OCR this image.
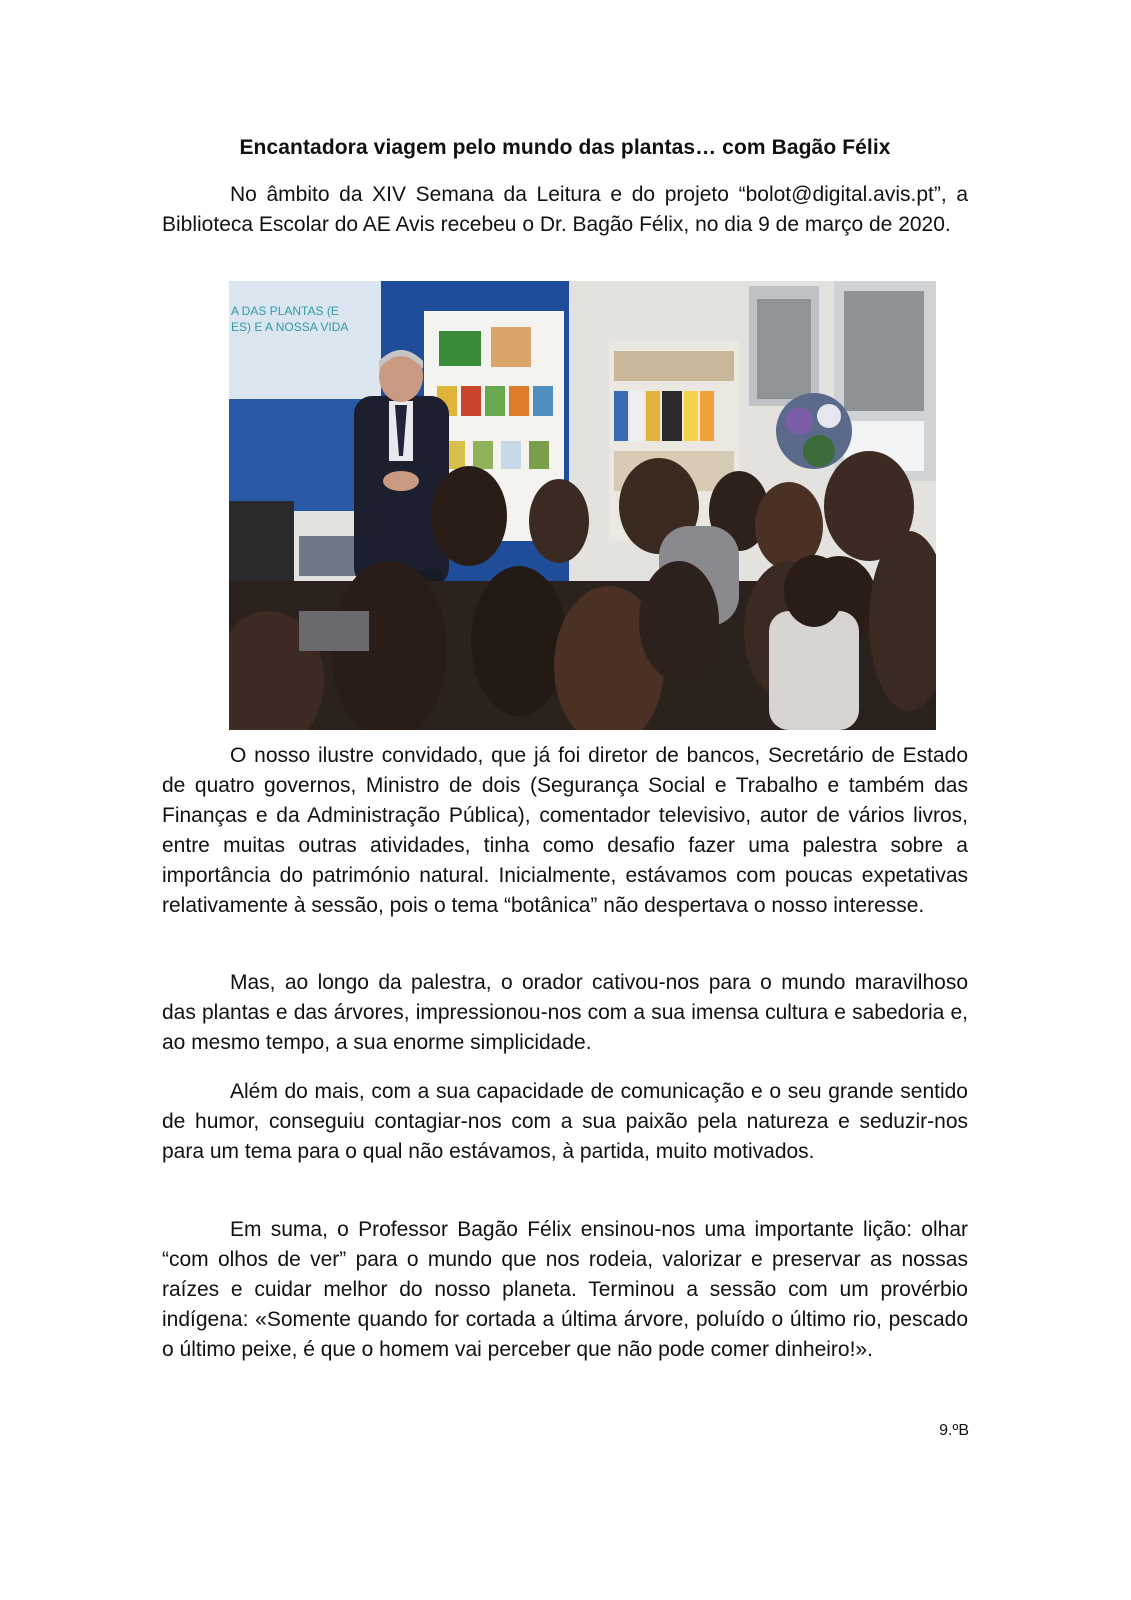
Encantadora viagem pelo mundo das plantas… com Bagão Félix

No âmbito da XIV Semana da Leitura e do projeto “bolot@digital.avis.pt”, a Biblioteca Escolar do AE Avis recebeu o Dr. Bagão Félix, no dia 9 de março de 2020.

A DAS PLANTAS (E
ES) E A NOSSA VIDA

O nosso ilustre convidado, que já foi diretor de bancos, Secretário de Estado de quatro governos, Ministro de dois (Segurança Social e Trabalho e também das Finanças e da Administração Pública), comentador televisivo, autor de vários livros, entre muitas outras atividades, tinha como desafio fazer uma palestra sobre a importância do património natural. Inicialmente, estávamos com poucas expetativas relativamente à sessão, pois o tema “botânica” não despertava o nosso interesse.

Mas, ao longo da palestra, o orador cativou-nos para o mundo maravilhoso das plantas e das árvores, impressionou-nos com a sua imensa cultura e sabedoria e, ao mesmo tempo, a sua enorme simplicidade.

Além do mais, com a sua capacidade de comunicação e o seu grande sentido de humor, conseguiu contagiar-nos com a sua paixão pela natureza e seduzir-nos para um tema para o qual não estávamos, à partida, muito motivados.

Em suma, o Professor Bagão Félix ensinou-nos uma importante lição: olhar “com olhos de ver” para o mundo que nos rodeia, valorizar e preservar as nossas raízes e cuidar melhor do nosso planeta. Terminou a sessão com um provérbio indígena: «Somente quando for cortada a última árvore, poluído o último rio, pescado o último peixe, é que o homem vai perceber que não pode comer dinheiro!».

9.ºB
